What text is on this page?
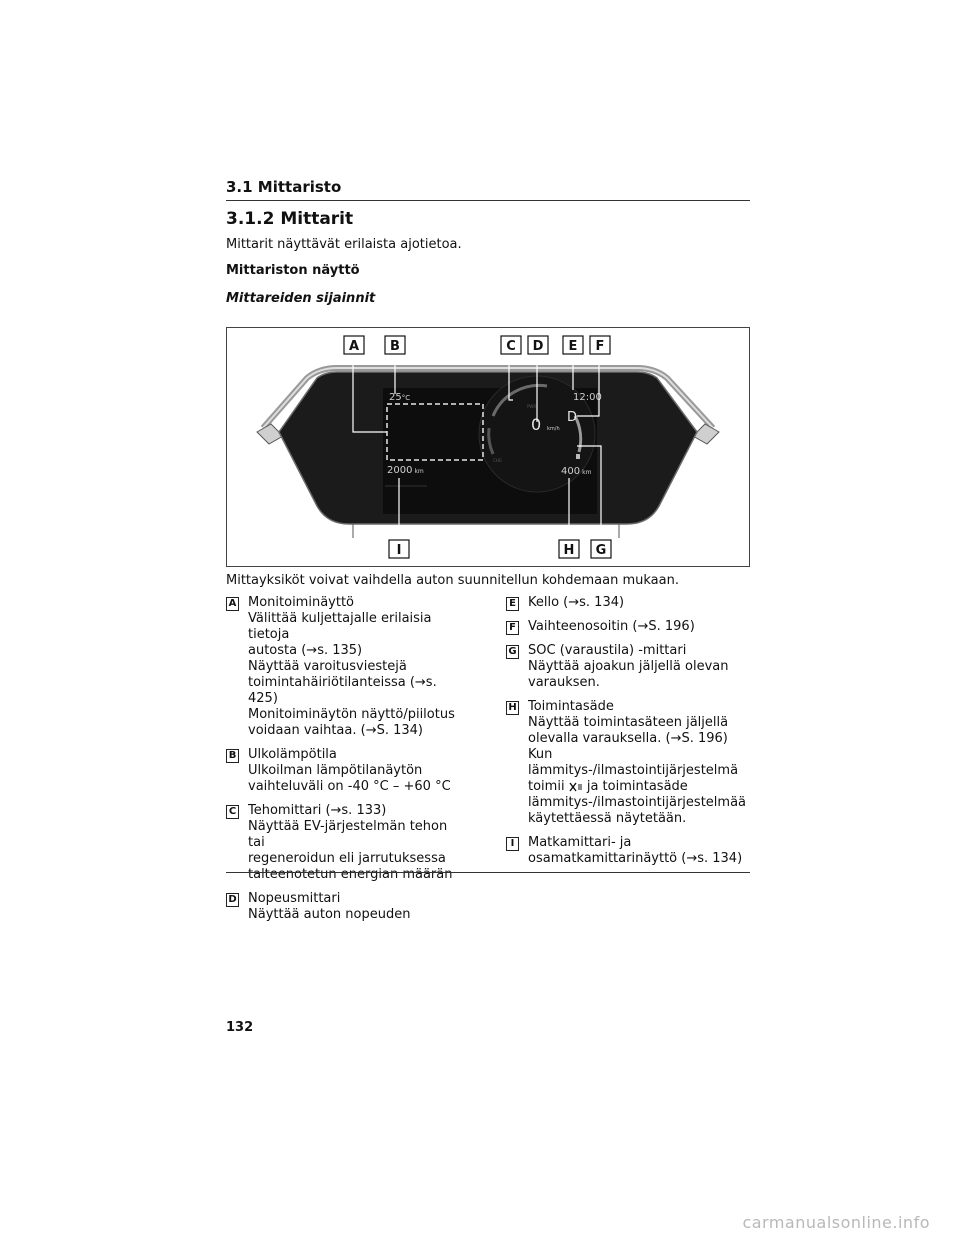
3.1 Mittaristo
3.1.2 Mittarit
Mittarit näyttävät erilaista ajotietoa.
Mittariston näyttö
Mittareiden sijainnit
25°C	12:00
0 km/h
D
PWR
CHG
2000 km	400 km
A B	C D E F
I	H G
Mittayksiköt voivat vaihdella auton suunnitellun kohdemaan mukaan.
A Monitoiminäyttö
Välittää kuljettajalle erilaisia tietoja
autosta (→s. 135)
Näyttää varoitusviestejä
toimintahäiriötilanteissa (→s. 425)
Monitoiminäytön näyttö/piilotus
voidaan vaihtaa. (→S. 134)
B Ulkolämpötila
Ulkoilman lämpötilanäytön
vaihteluväli on -40 °C – +60 °C
C Tehomittari (→s. 133)
Näyttää EV-järjestelmän tehon tai
regeneroidun eli jarrutuksessa
talteenotetun energian määrän
D Nopeusmittari
Näyttää auton nopeuden
E Kello (→s. 134)
F Vaihteenosoitin (→S. 196)
G SOC (varaustila) -mittari
Näyttää ajoakun jäljellä olevan
varauksen.
H Toimintasäde
Näyttää toimintasäteen jäljellä
olevalla varauksella. (→S. 196)
Kun lämmitys-/ilmastointijärjestelmä
toimii ja toimintasäde
lämmitys-/ilmastointijärjestelmää
käytettäessä näytetään.
I	Matkamittari- ja
osamatkamittarinäyttö (→s. 134)
132
carmanualsonline.info
